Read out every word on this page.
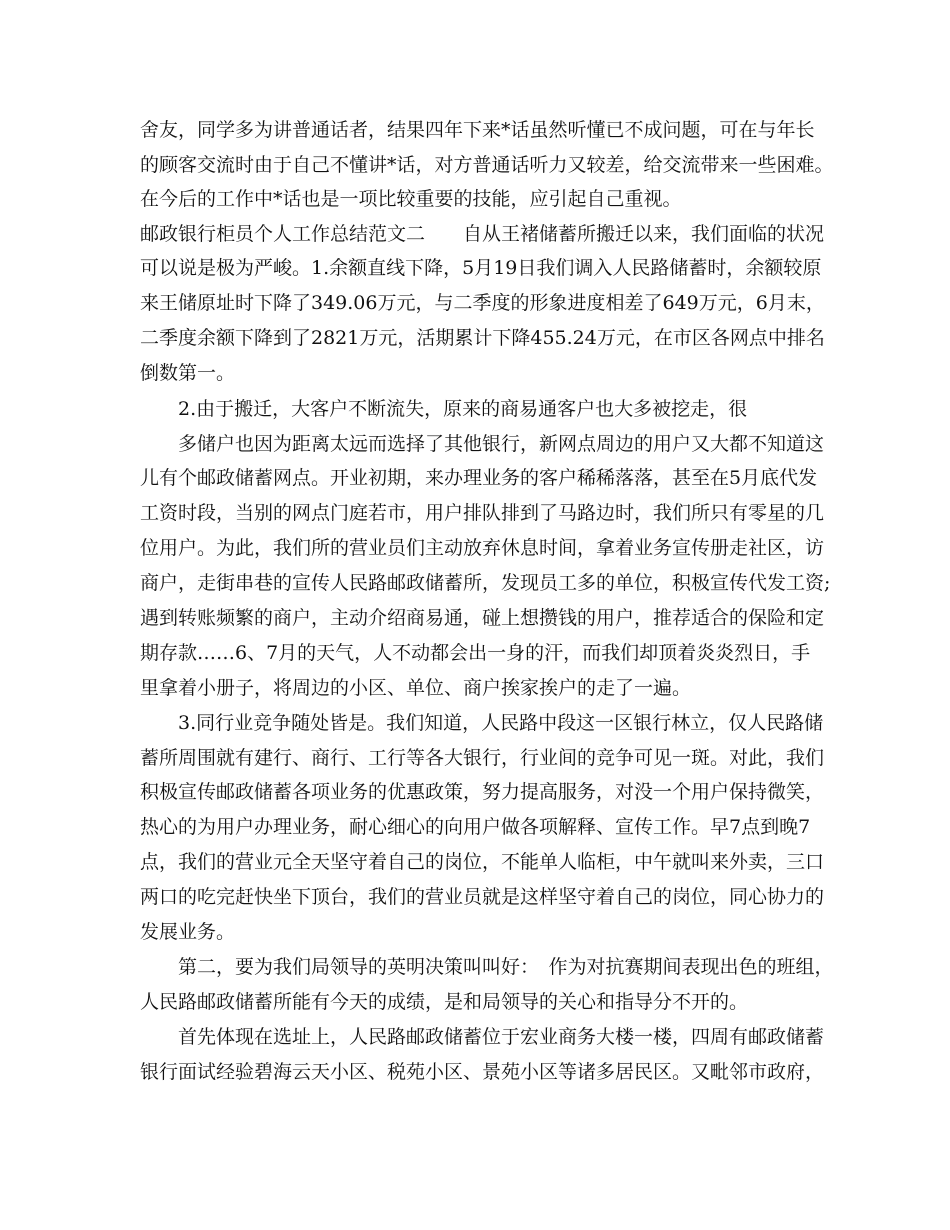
舍友，同学多为讲普通话者，结果四年下来*话虽然听懂已不成问题，可在与年长
的顾客交流时由于自己不懂讲*话，对方普通话听力又较差，给交流带来一些困难。
在今后的工作中*话也是一项比较重要的技能，应引起自己重视。
邮政银行柜员个人工作总结范文二　　自从王褚储蓄所搬迁以来，我们面临的状况
可以说是极为严峻。1.余额直线下降，5月19日我们调入人民路储蓄时，余额较原
来王储原址时下降了349.06万元，与二季度的形象进度相差了649万元，6月末，
二季度余额下降到了2821万元，活期累计下降455.24万元，在市区各网点中排名
倒数第一。
2.由于搬迁，大客户不断流失，原来的商易通客户也大多被挖走，很
多储户也因为距离太远而选择了其他银行，新网点周边的用户又大都不知道这
儿有个邮政储蓄网点。开业初期，来办理业务的客户稀稀落落，甚至在5月底代发
工资时段，当别的网点门庭若市，用户排队排到了马路边时，我们所只有零星的几
位用户。为此，我们所的营业员们主动放弃休息时间，拿着业务宣传册走社区，访
商户，走街串巷的宣传人民路邮政储蓄所，发现员工多的单位，积极宣传代发工资;
遇到转账频繁的商户，主动介绍商易通，碰上想攒钱的用户，推荐适合的保险和定
期存款……6、7月的天气，人不动都会出一身的汗，而我们却顶着炎炎烈日，手
里拿着小册子，将周边的小区、单位、商户挨家挨户的走了一遍。
3.同行业竞争随处皆是。我们知道，人民路中段这一区银行林立，仅人民路储
蓄所周围就有建行、商行、工行等各大银行，行业间的竞争可见一斑。对此，我们
积极宣传邮政储蓄各项业务的优惠政策，努力提高服务，对没一个用户保持微笑，
热心的为用户办理业务，耐心细心的向用户做各项解释、宣传工作。早7点到晚7
点，我们的营业元全天坚守着自己的岗位，不能单人临柜，中午就叫来外卖，三口
两口的吃完赶快坐下顶台，我们的营业员就是这样坚守着自己的岗位，同心协力的
发展业务。
第二，要为我们局领导的英明决策叫叫好：　作为对抗赛期间表现出色的班组，
人民路邮政储蓄所能有今天的成绩，是和局领导的关心和指导分不开的。
首先体现在选址上，人民路邮政储蓄位于宏业商务大楼一楼，四周有邮政储蓄
银行面试经验碧海云天小区、税苑小区、景苑小区等诸多居民区。又毗邻市政府，
